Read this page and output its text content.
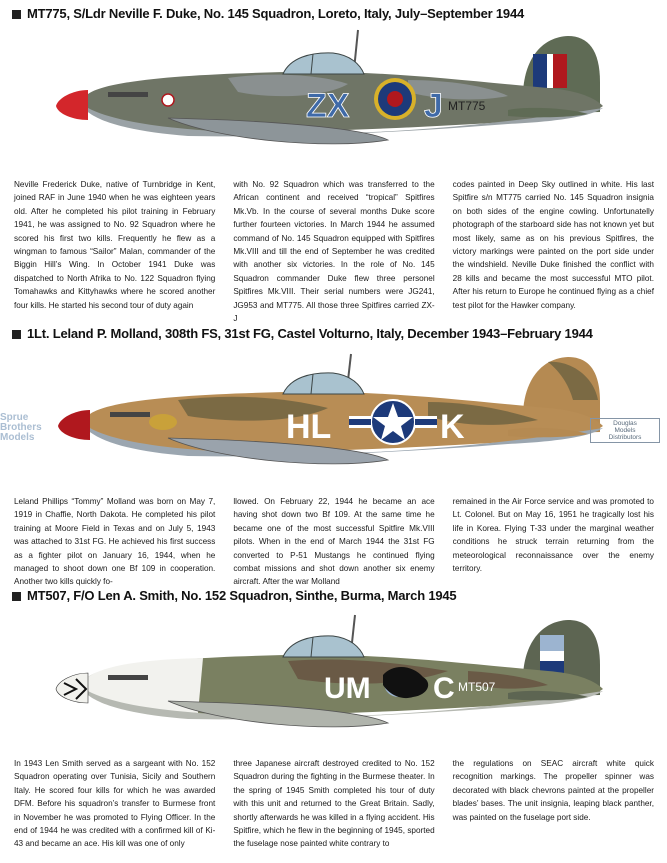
MT775, S/Ldr Neville F. Duke, No. 145 Squadron, Loreto, Italy, July–September 1944
ZX J MT775

Neville Frederick Duke, native of Turnbridge in Kent, joined RAF in June 1940 when he was eighteen years old. After he completed his pilot training in February 1941, he was assigned to No. 92 Squadron where he scored his first two kills. Frequently he flew as a wingman to famous “Sailor” Malan, commander of the Biggin Hill’s Wing. In October 1941 Duke was dispatched to North Afrika to No. 122 Squadron flying Tomahawks and Kittyhawks where he scored another four kills. He started his second tour of duty again

with No. 92 Squadron which was transferred to the African continent and received “tropical” Spitfires Mk.Vb. In the course of several months Duke score further fourteen victories. In March 1944 he assumed command of No. 145 Squadron equipped with Spitfires Mk.VIII and till the end of September he was credited with another six victories. In the role of No. 145 Squadron commander Duke flew three personel Spitfires Mk.VIII. Their serial numbers were JG241, JG953 and MT775. All those three Spitfires carried ZX-J

codes painted in Deep Sky outlined in white. His last Spitfire s/n MT775 carried No. 145 Squadron insignia on both sides of the engine cowling. Unfortunatelly photograph of the starboard side has not known yet but most likely, same as on his previous Spitfires, the victory markings were painted on the port side under the windshield. Neville Duke finished the conflict with 28 kills and became the most successful MTO pilot. After his return to Europe he continued flying as a chief test pilot for the Hawker company.

1Lt. Leland P. Molland, 308th FS, 31st FG, Castel Volturno, Italy, December 1943–February 1944
HL	K
Sprue
Brothers
Models
Douglas
Models
Distributors

Leland Phillips “Tommy” Molland was born on May 7, 1919 in Chaffie, North Dakota. He completed his pilot training at Moore Field in Texas and on July 5, 1943 was attached to 31st FG. He achieved his first success as a fighter pilot on January 16, 1944, when he managed to shoot down one Bf 109 in cooperation. Another two kills quickly fo-

llowed. On February 22, 1944 he became an ace having shot down two Bf 109. At the same time he became one of the most successful Spitfire Mk.VIII pilots. When in the end of March 1944 the 31st FG converted to P-51 Mustangs he continued flying combat missions and shot down another six enemy aircraft. After the war Molland

remained in the Air Force service and was promoted to Lt. Colonel. But on May 16, 1951 he tragically lost his life in Korea. Flying T-33 under the marginal weather conditions he struck terrain returning from the meteorological reconnaissance over the enemy territory.

MT507, F/O Len A. Smith, No. 152 Squadron, Sinthe, Burma, March 1945
UM C MT507

In 1943 Len Smith served as a sargeant with No. 152 Squadron operating over Tunisia, Sicily and Southern Italy. He scored four kills for which he was awarded DFM. Before his squadron’s transfer to Burmese front in November he was promoted to Flying Officer. In the end of 1944 he was credited with a confirmed kill of Ki-43 and became an ace. His kill was one of only

three Japanese aircraft destroyed credited to No. 152 Squadron during the fighting in the Burmese theater. In the spring of 1945 Smith completed his tour of duty with this unit and returned to the Great Britain. Sadly, shortly afterwards he was killed in a flying accident. His Spitfire, which he flew in the beginning of 1945, sported the fuselage nose painted white contrary to

the regulations on SEAC aircraft white quick recognition markings. The propeller spinner was decorated with black chevrons painted at the propeller blades’ bases. The unit insignia, leaping black panther, was painted on the fuselage port side.
